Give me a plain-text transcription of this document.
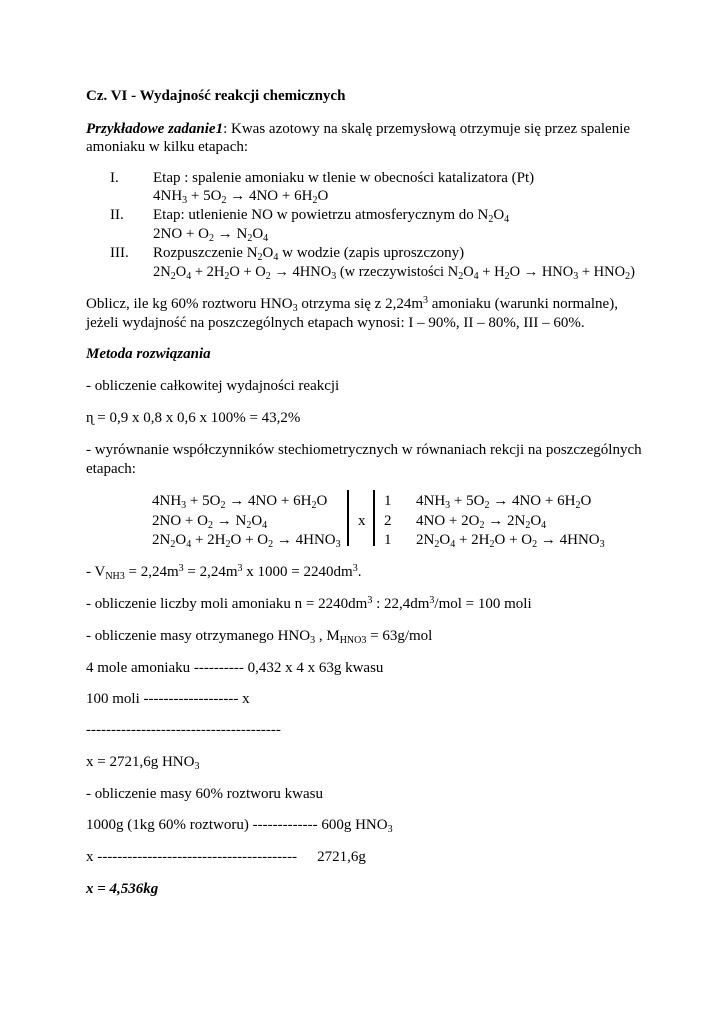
Cz. VI - Wydajność reakcji chemicznych
Przykładowe zadanie1: Kwas azotowy na skalę przemysłową otrzymuje się przez spalenie
amoniaku w kilku etapach:
I. Etap : spalenie amoniaku w tlenie w obecności katalizatora (Pt)
$4NH_3 + 5O_2 \to 4NO + 6H_2O$
II. Etap: utlenienie NO w powietrzu atmosferycznym do $N_2O_4$
$2NO + O_2 \to N_2O_4$
III. Rozpuszczenie $N_2O_4$ w wodzie (zapis uproszczony)
$2N_2O_4 + 2H_2O + O_2 \to 4HNO_3$ (w rzeczywistości $N_2O_4 + H_2O \to HNO_3 + HNO_2$)
Oblicz, ile kg 60% roztworu $HNO_3$ otrzyma się z $2,24m^3$ amoniaku (warunki normalne),
jeżeli wydajność na poszczególnych etapach wynosi: I – 90%, II – 80%, III – 60%.
Metoda rozwiązania
- obliczenie całkowitej wydajności reakcji
ɳ = 0,9 x 0,8 x 0,6 x 100% = 43,2%
- wyrównanie współczynników stechiometrycznych w równaniach rekcji na poszczególnych
etapach:
$4NH_3 + 5O_2 \to 4NO + 6H_2O$
$2NO + O_2 \to N_2O_4$
$2N_2O_4 + 2H_2O + O_2 \to 4HNO_3$
x
1
2
1
$4NH_3 + 5O_2 \to 4NO + 6H_2O$
$4NO + 2O_2 \to 2N_2O_4$
$2N_2O_4 + 2H_2O + O_2 \to 4HNO_3$
- $V_{NH3} = 2,24m^3 = 2,24m^3$ x $1000 = 2240dm^3$.
- obliczenie liczby moli amoniaku $n = 2240dm^3$ : $22,4dm^3$/mol = 100 moli
- obliczenie masy otrzymanego $HNO_3$ , $M_{HNO3} = 63g/mol$
4 mole amoniaku ---------- 0,432 x 4 x 63g kwasu
100 moli ------------------- x
---------------------------------------
x = 2721,6g $HNO_3$
- obliczenie masy 60% roztworu kwasu
1000g (1kg 60% roztworu) ------------- 600g $HNO_3$
x ---------------------------------------- 2721,6g
x = 4,536kg
